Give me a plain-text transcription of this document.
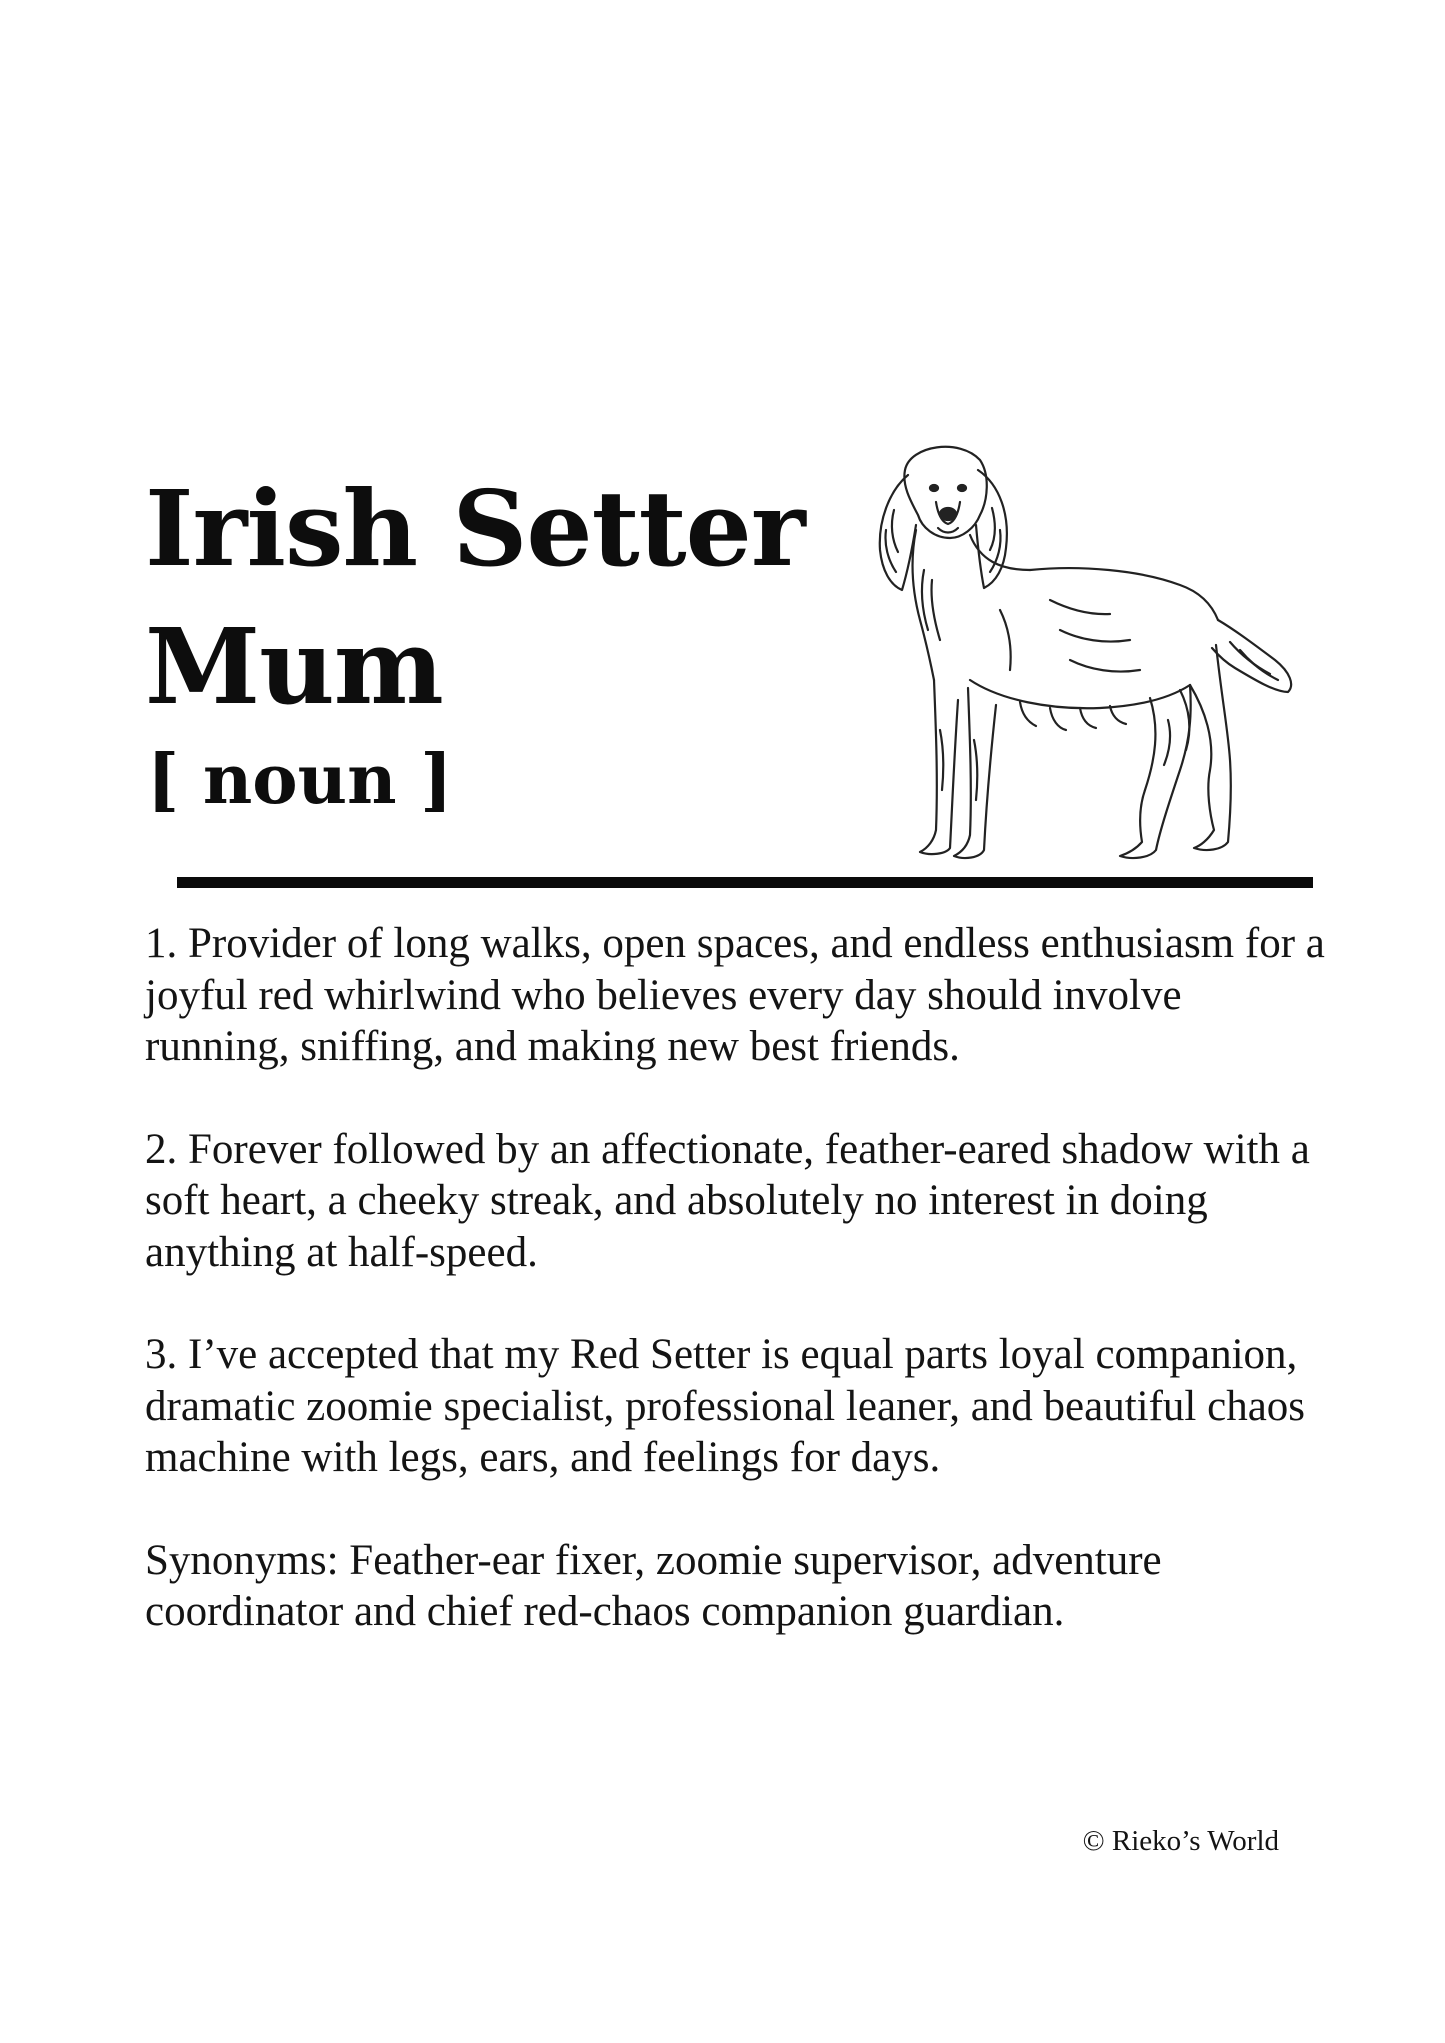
Irish Setter
Mum
[ noun ]

1. Provider of long walks, open spaces, and endless enthusiasm for a joyful red whirlwind who believes every day should involve running, sniffing, and making new best friends.

2. Forever followed by an affectionate, feather-eared shadow with a soft heart, a cheeky streak, and absolutely no interest in doing anything at half-speed.

3. I’ve accepted that my Red Setter is equal parts loyal companion, dramatic zoomie specialist, professional leaner, and beautiful chaos machine with legs, ears, and feelings for days.

Synonyms: Feather-ear fixer, zoomie supervisor, adventure coordinator and chief red-chaos companion guardian.

© Rieko’s World
